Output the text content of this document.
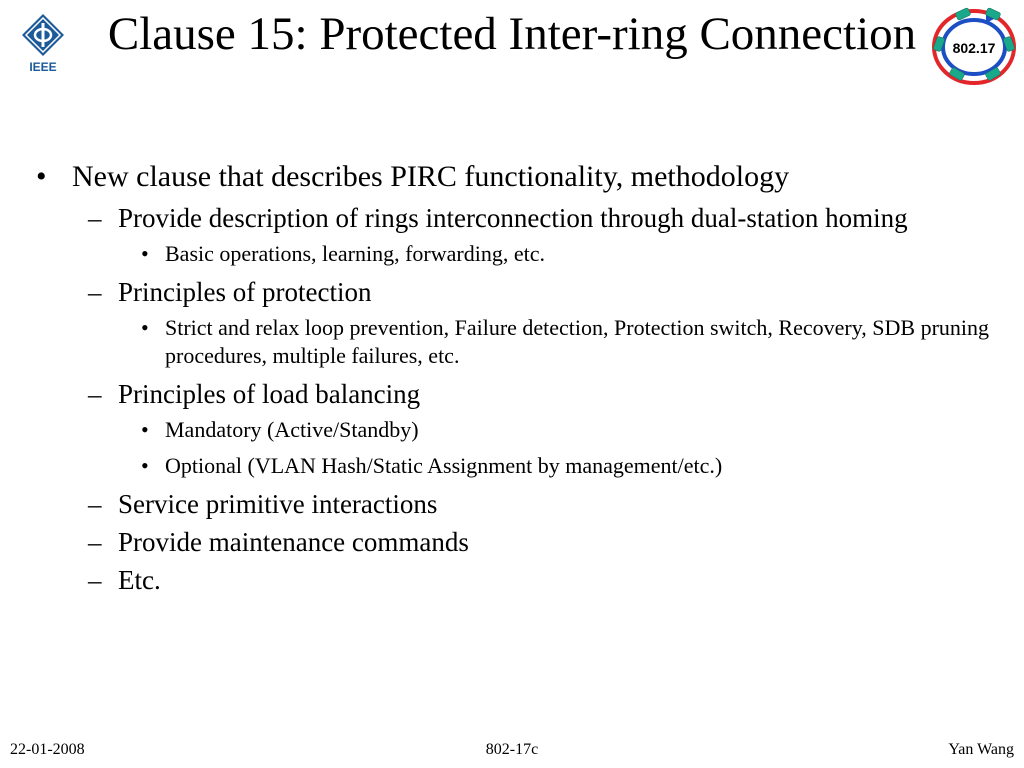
IEEE
802.17
Clause 15: Protected Inter-ring Connection
• New clause that describes PIRC functionality, methodology
– Provide description of rings interconnection through dual-station homing
• Basic operations, learning, forwarding, etc.
– Principles of protection
• Strict and relax loop prevention, Failure detection, Protection switch, Recovery, SDB pruning procedures, multiple failures, etc.
– Principles of load balancing
• Mandatory (Active/Standby)
• Optional (VLAN Hash/Static Assignment by management/etc.)
– Service primitive interactions
– Provide maintenance commands
– Etc.
22-01-2008	802-17c	Yan Wang
